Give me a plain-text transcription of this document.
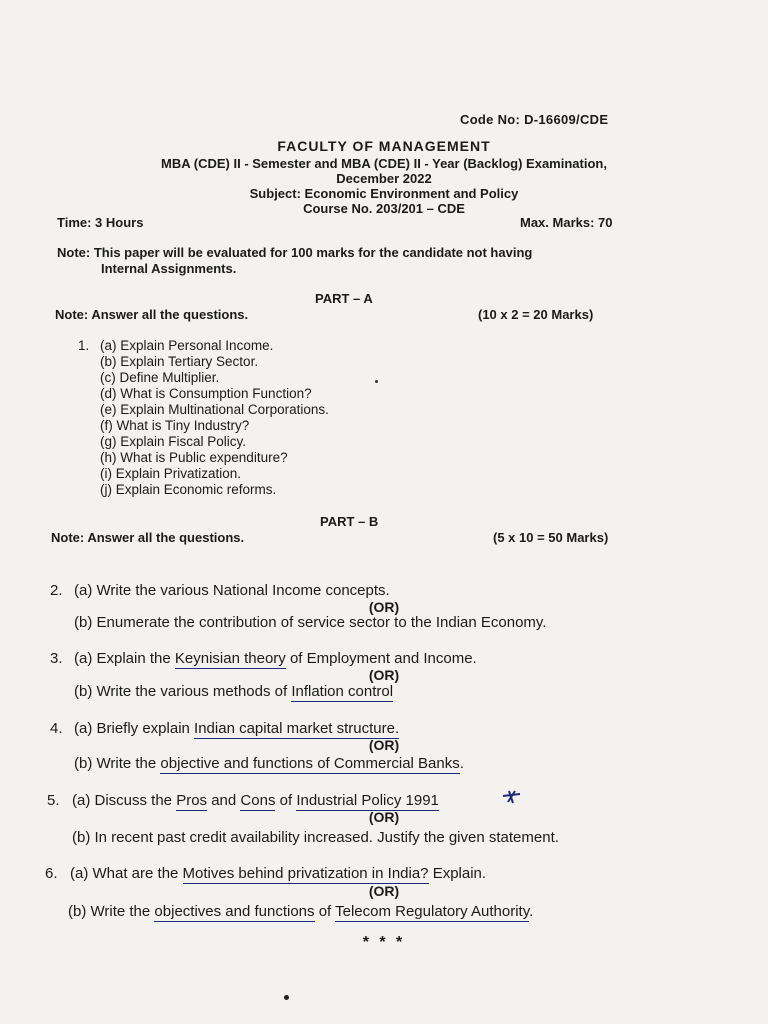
Code No: D-16609/CDE
FACULTY OF MANAGEMENT
MBA (CDE) II - Semester and MBA (CDE) II - Year (Backlog) Examination,
December 2022
Subject: Economic Environment and Policy
Course No. 203/201 – CDE
Time: 3 Hours	Max. Marks: 70
Note: This paper will be evaluated for 100 marks for the candidate not having
Internal Assignments.
PART – A
Note: Answer all the questions.	(10 x 2 = 20 Marks)
1. (a) Explain Personal Income.
(b) Explain Tertiary Sector.
(c) Define Multiplier.
(d) What is Consumption Function?
(e) Explain Multinational Corporations.
(f) What is Tiny Industry?
(g) Explain Fiscal Policy.
(h) What is Public expenditure?
(i) Explain Privatization.
(j) Explain Economic reforms.
PART – B
Note: Answer all the questions.	(5 x 10 = 50 Marks)
2. (a) Write the various National Income concepts.
(OR)
(b) Enumerate the contribution of service sector to the Indian Economy.
3. (a) Explain the Keynisian theory of Employment and Income.
(OR)
(b) Write the various methods of Inflation control
4. (a) Briefly explain Indian capital market structure.
(OR)
(b) Write the objective and functions of Commercial Banks.
5. (a) Discuss the Pros and Cons of Industrial Policy 1991
(OR)
(b) In recent past credit availability increased. Justify the given statement.
6. (a) What are the Motives behind privatization in India? Explain.
(OR)
(b) Write the objectives and functions of Telecom Regulatory Authority.
* * *
